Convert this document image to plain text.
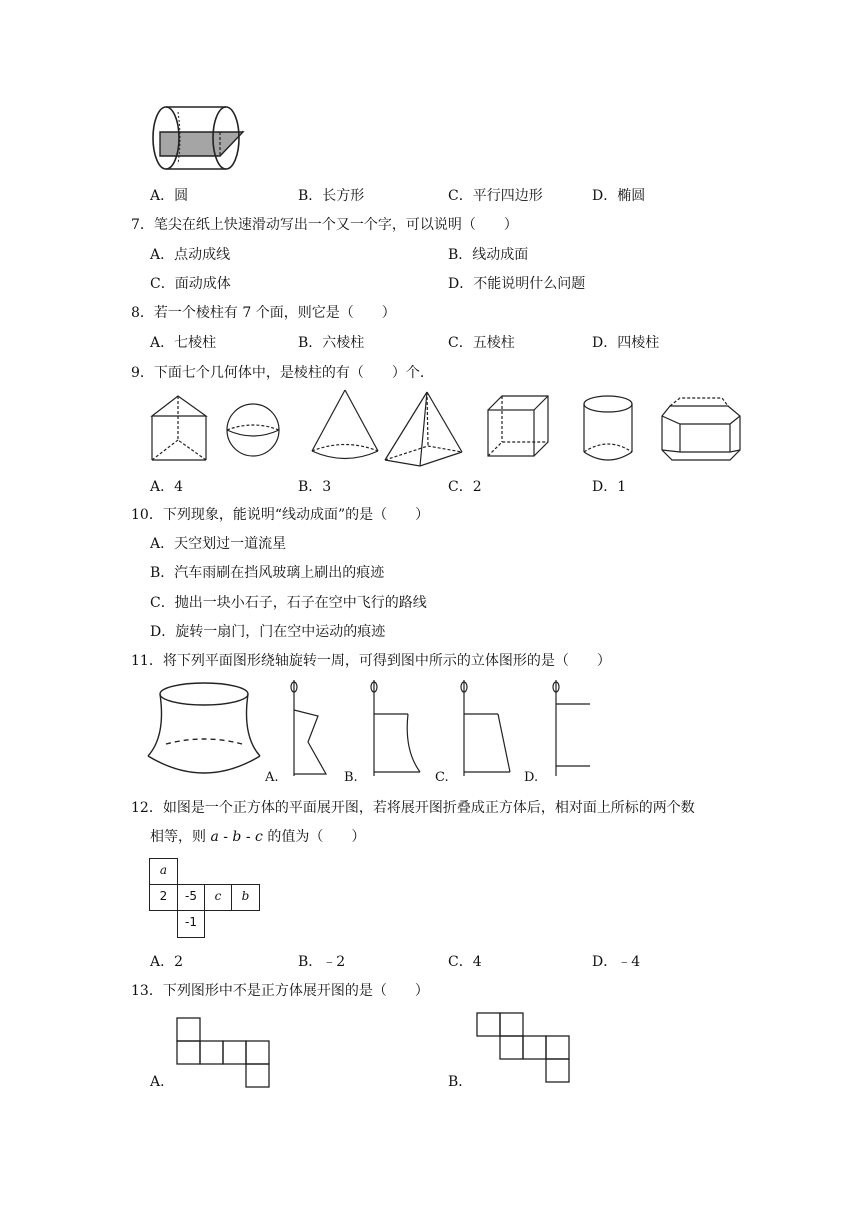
A．圆	B．长方形	C．平行四边形	D．椭圆
7．笔尖在纸上快速滑动写出一个又一个字，可以说明（　　）
A．点动成线	B．线动成面
C．面动成体	D．不能说明什么问题
8．若一个棱柱有 7 个面，则它是（　　）
A．七棱柱	B．六棱柱	C．五棱柱	D．四棱柱
9．下面七个几何体中，是棱柱的有（　　）个．
A．4	B．3	C．2	D．1
10．下列现象，能说明“线动成面”的是（　　）
A．天空划过一道流星
B．汽车雨刷在挡风玻璃上刷出的痕迹
C．抛出一块小石子，石子在空中飞行的路线
D．旋转一扇门，门在空中运动的痕迹
11．将下列平面图形绕轴旋转一周，可得到图中所示的立体图形的是（　　）
A.	B.	C.	D.
12．如图是一个正方体的平面展开图，若将展开图折叠成正方体后，相对面上所标的两个数
相等，则 a - b - c 的值为（　　）
a
2	-5	c	b
-1
A．2	B．﹣2	C．4	D．﹣4
13．下列图形中不是正方体展开图的是（　　）
A．	B．
